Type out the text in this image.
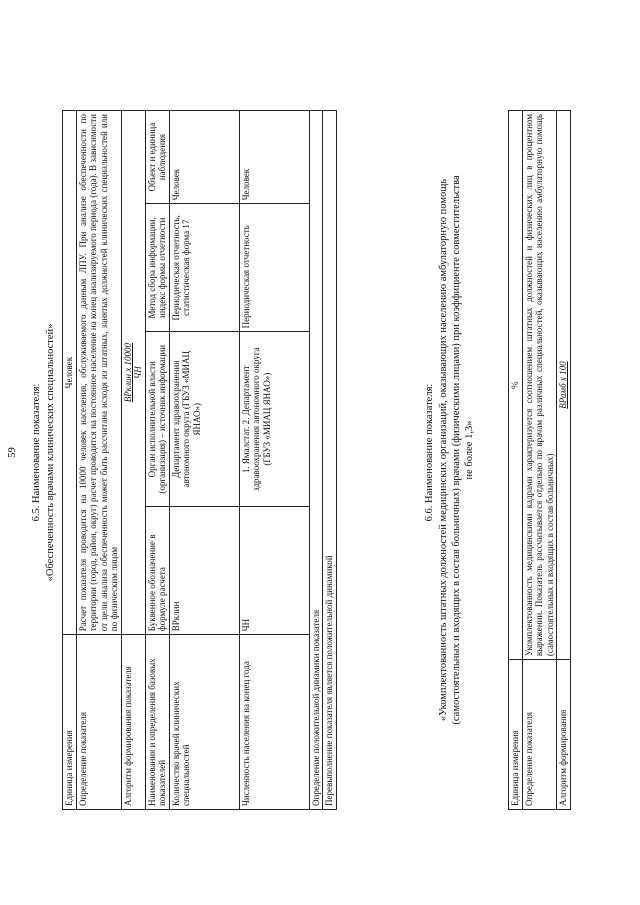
59 6.5. Наименование показателя: «Обеспеченность врачами клинических специальностей»
Единица измерения	Человек			
Определение показателя	Расчет показателя проводится на 10000 человек населения, обслуживаемого данным ЛПУ. При анализе обеспеченности по территории (город, район, округ) расчет проводится на постоянное население на конец анализируемого периода (года). В зависимости от цели анализа обеспеченность может быть рассчитана исходя из штатных, занятых должностей клинических специальностей или по физическим лицам			
Алгоритм формирования показателя	ВРклин х 10000 ЧН			

Наименования и определения базовых показателей	Буквенное обозначение в формуле расчета	Орган исполнительной власти (организация) – источник информации	Метод сбора информации, индекс формы отчетности	Объект и единица наблюдения
Количество врачей клинических специальностей	ВРклин	Департамент здравоохранения автономного округа (ГБУЗ «МИАЦ ЯНАО»)	Периодическая отчетность, статистическая форма 17	Человек
Численность населения на конец года	ЧН	1. Ямалстат. 2. Департамент здравоохранения автономного округа (ГБУЗ «МИАЦ ЯНАО»)	Периодическая отчетность	Человек
Определение положительной динамики показателя				
Перевыполнение показателя является положительной динамикой				
6.6. Наименование показателя: «Укомплектованность штатных должностей медицинских организаций, оказывающих населению амбулаторную помощь (самостоятельных и входящих в состав больничных) врачами (физическими лицами) при коэффициенте совместительства не более 1,3»
Единица измерения	%
Определение показателя	Укомплектованность медицинскими кадрами характеризуется соотношением штатных должностей и физических лиц в процентном выражении. Показатель рассчитывается отдельно по врачам различных специальностей, оказывающих населению амбулаторную помощь (самостоятельных и входящих в состав больничных)
Алгоритм формирования	ВРамб х 100
